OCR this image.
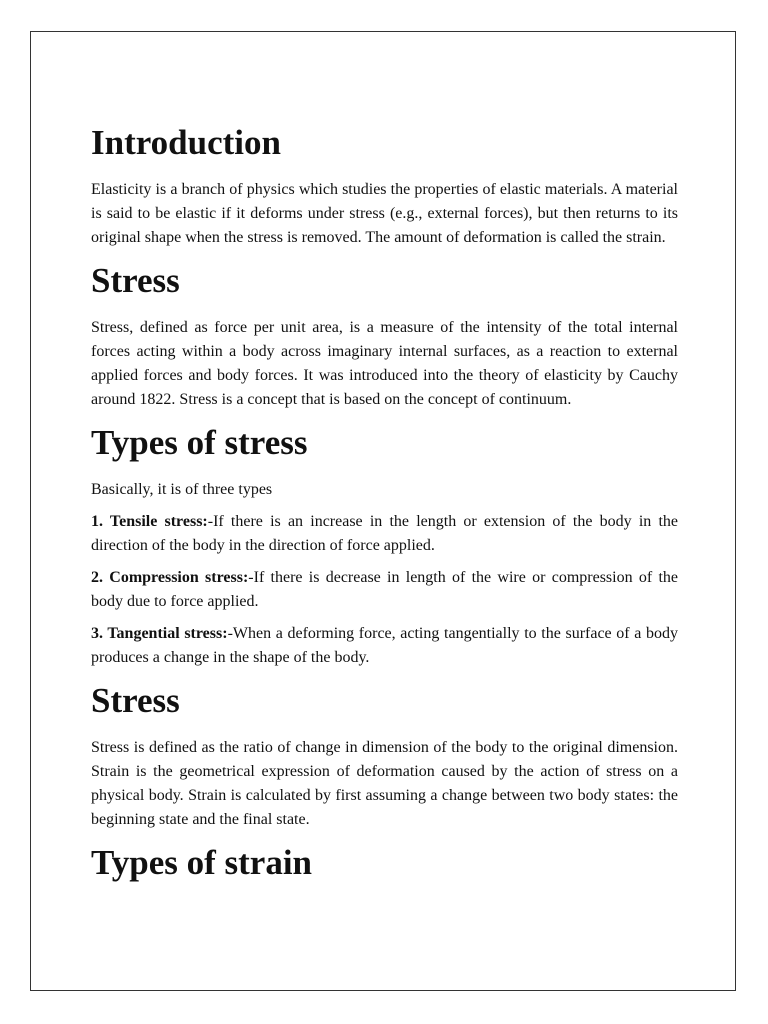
Introduction

Elasticity is a branch of physics which studies the properties of elastic materials. A material is said to be elastic if it deforms under stress (e.g., external forces), but then returns to its original shape when the stress is removed. The amount of deformation is called the strain.

Stress

Stress, defined as force per unit area, is a measure of the intensity of the total internal forces acting within a body across imaginary internal surfaces, as a reaction to external applied forces and body forces. It was introduced into the theory of elasticity by Cauchy around 1822. Stress is a concept that is based on the concept of continuum.

Types of stress

Basically, it is of three types

1. Tensile stress:-If there is an increase in the length or extension of the body in the direction of the body in the direction of force applied.

2. Compression stress:-If there is decrease in length of the wire or compression of the body due to force applied.

3. Tangential stress:-When a deforming force, acting tangentially to the surface of a body produces a change in the shape of the body.

Stress

Stress is defined as the ratio of change in dimension of the body to the original dimension. Strain is the geometrical expression of deformation caused by the action of stress on a physical body. Strain is calculated by first assuming a change between two body states: the beginning state and the final state.

Types of strain
